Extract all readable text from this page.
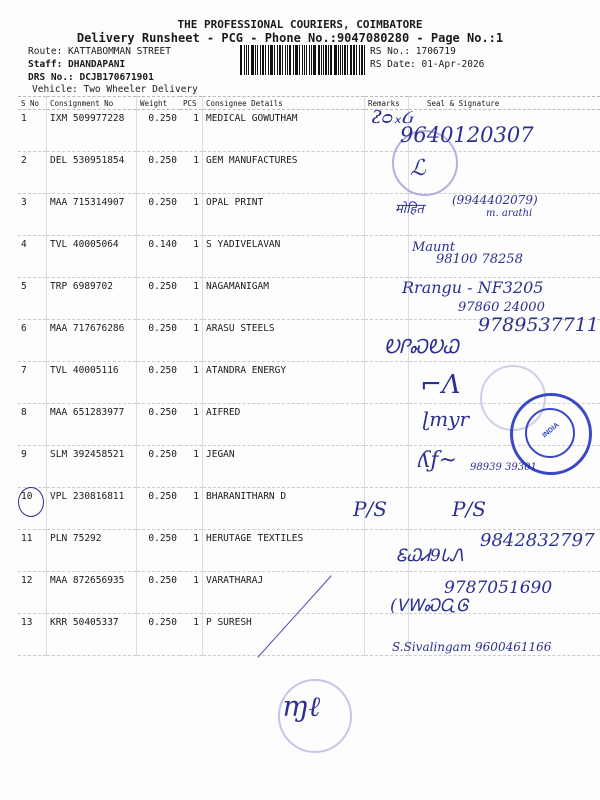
THE PROFESSIONAL COURIERS, COIMBATORE
Delivery Runsheet - PCG - Phone No.:9047080280 - Page No.:1
Route: KATTABOMMAN STREET
Staff: DHANDAPANI
DRS No.: DCJB170671901
Vehicle: Two Wheeler Delivery
RS No.: 1706719
RS Date: 01-Apr-2026
S No	Consignment No	Weight	PCS	Consignee Details	Remarks	Seal & Signature
1	IXM 509977228	0.250	1	MEDICAL GOWUTHAM		
2	DEL 530951854	0.250	1	GEM MANUFACTURES		
3	MAA 715314907	0.250	1	OPAL PRINT		
4	TVL 40005064	0.140	1	S YADIVELAVAN		
5	TRP 6989702	0.250	1	NAGAMANIGAM		
6	MAA 717676286	0.250	1	ARASU STEELS		
7	TVL 40005116	0.250	1	ATANDRA ENERGY		
8	MAA 651283977	0.250	1	AIFRED		
9	SLM 392458521	0.250	1	JEGAN		
10	VPL 230816811	0.250	1	BHARANITHARN D		
11	PLN 75292	0.250	1	HERUTAGE TEXTILES		
12	MAA 872656935	0.250	1	VARATHARAJ		
13	KRR 50405337	0.250	1	P SURESH		
INDIA
ᴤᴑ᙮Ᏽ
9640120307
ℒ
(9944402079)
मोहित	m. arathi
Maunt
98100 78258
Rrangu - NF3205
97860 24000
9789537711
ᎧᎵᏍᎧᏇ
⌐Ʌ
ɭmyr
ʎƒ~ 98939 39301
P/S	P/S
9842832797
ᏋᏇᏗ9ᏓᏁ
9787051690
(ᏙᎳᏍᏩᎶ
S.Sivalingam 9600461166
ɱℓ
